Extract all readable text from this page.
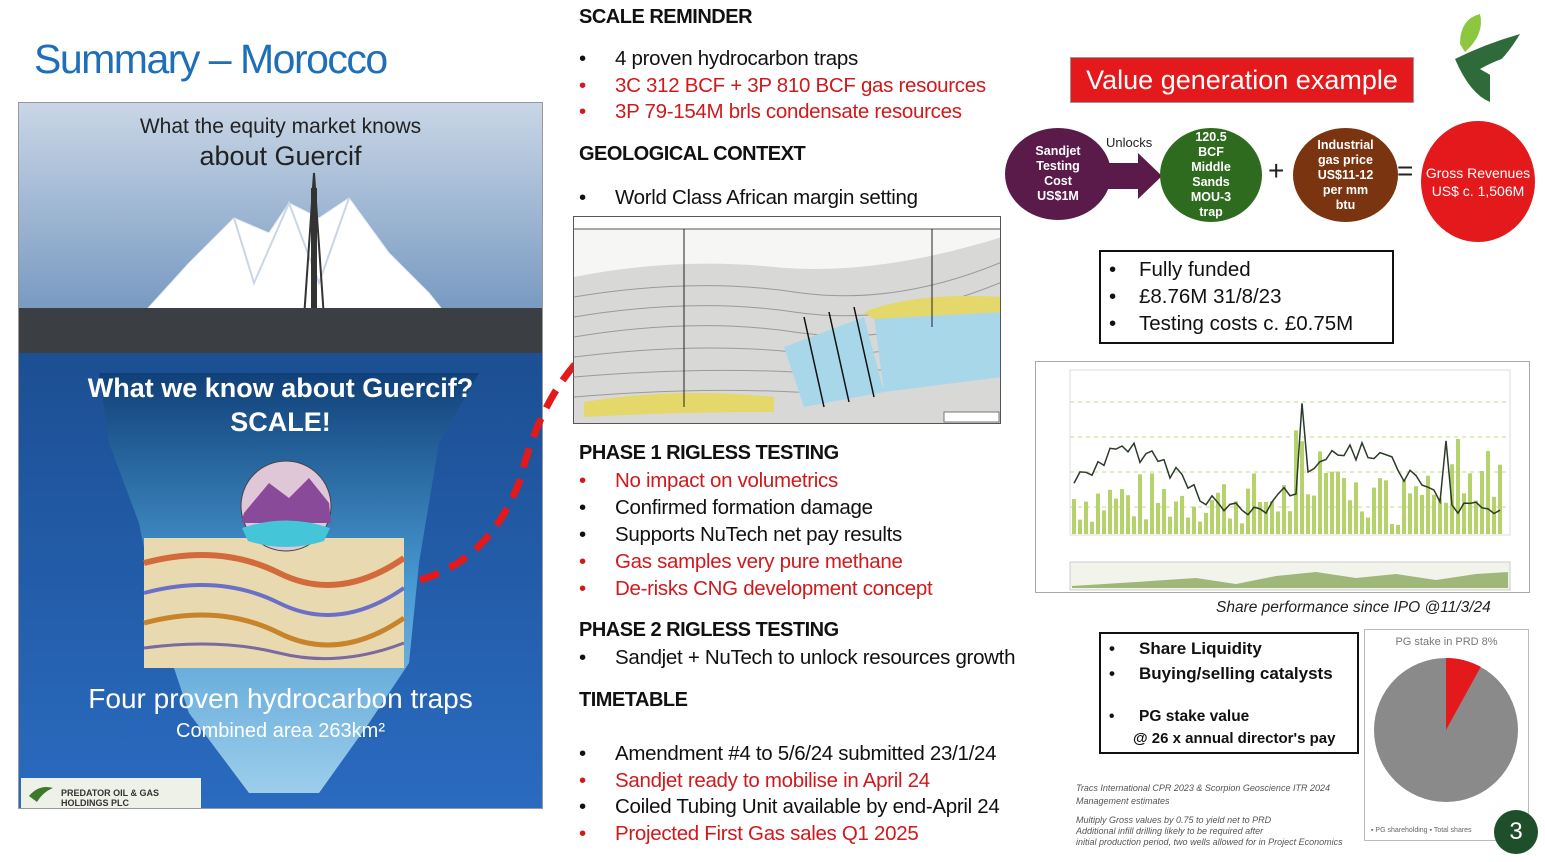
Summary – Morocco
What the equity market knows
about Guercif
What we know about Guercif?
SCALE!
Four proven hydrocarbon traps
Combined area 263km²
PREDATOR OIL & GAS HOLDINGS PLC
SCALE REMINDER
• 4 proven hydrocarbon traps
• 3C 312 BCF + 3P 810 BCF gas resources
• 3P 79-154M brls condensate resources
GEOLOGICAL CONTEXT
• World Class African margin setting
PHASE 1 RIGLESS TESTING
• No impact on volumetrics
• Confirmed formation damage
• Supports NuTech net pay results
• Gas samples very pure methane
• De-risks CNG development concept
PHASE 2 RIGLESS TESTING
• Sandjet + NuTech to unlock resources growth
TIMETABLE
• Amendment #4 to 5/6/24 submitted 23/1/24
• Sandjet ready to mobilise in April 24
• Coiled Tubing Unit available by end-April 24
• Projected First Gas sales Q1 2025
Value generation example
Sandjet
Testing
Cost
US$1M
Unlocks	120.5
BCF
Middle
Sands
MOU-3
trap
+
Industrial
gas price
US$11-12
per mm
btu
= Gross Revenues
US$ c. 1,506M
• Fully funded
• £8.76M 31/8/23
• Testing costs c. £0.75M
Share performance since IPO @11/3/24
• Share Liquidity
• Buying/selling catalysts
• PG stake value
@ 26 x annual director's pay
PG stake in PRD 8%
▪ PG shareholding ▪ Total shares
Tracs International CPR 2023 & Scorpion Geoscience ITR 2024
Management estimates
Multiply Gross values by 0.75 to yield net to PRD
Additional infill drilling likely to be required after
initial production period, two wells allowed for in Project Economics	3
